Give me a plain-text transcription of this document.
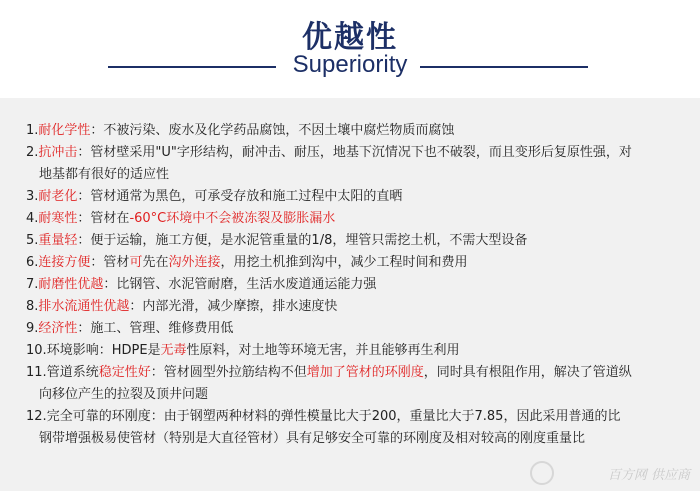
优越性
Superiority

1.耐化学性：不被污染、废水及化学药品腐蚀，不因土壤中腐烂物质而腐蚀

2.抗冲击：管材壁采用"U"字形结构，耐冲击、耐压，地基下沉情况下也不破裂，而且变形后复原性强，对
地基都有很好的适应性

3.耐老化：管材通常为黑色，可承受存放和施工过程中太阳的直晒

4.耐寒性：管材在-60°C环境中不会被冻裂及膨胀漏水

5.重量轻：便于运输，施工方便，是水泥管重量的1/8，埋管只需挖土机，不需大型设备

6.连接方便：管材可先在沟外连接，用挖土机推到沟中，减少工程时间和费用

7.耐磨性优越：比钢管、水泥管耐磨，生活水废道通运能力强

8.排水流通性优越：内部光滑，减少摩擦，排水速度快

9.经济性：施工、管理、维修费用低

10.环境影响：HDPE是无毒性原料，对土地等环境无害，并且能够再生利用

11.管道系统稳定性好：管材圆型外拉筋结构不但增加了管材的环刚度，同时具有根阻作用，解决了管道纵
向移位产生的拉裂及顶井问题

12.完全可靠的环刚度：由于钢塑两种材料的弹性模量比大于200，重量比大于7.85，因此采用普通的比
钢带增强极易使管材（特别是大直径管材）具有足够安全可靠的环刚度及相对较高的刚度重量比

百方网 供应商
